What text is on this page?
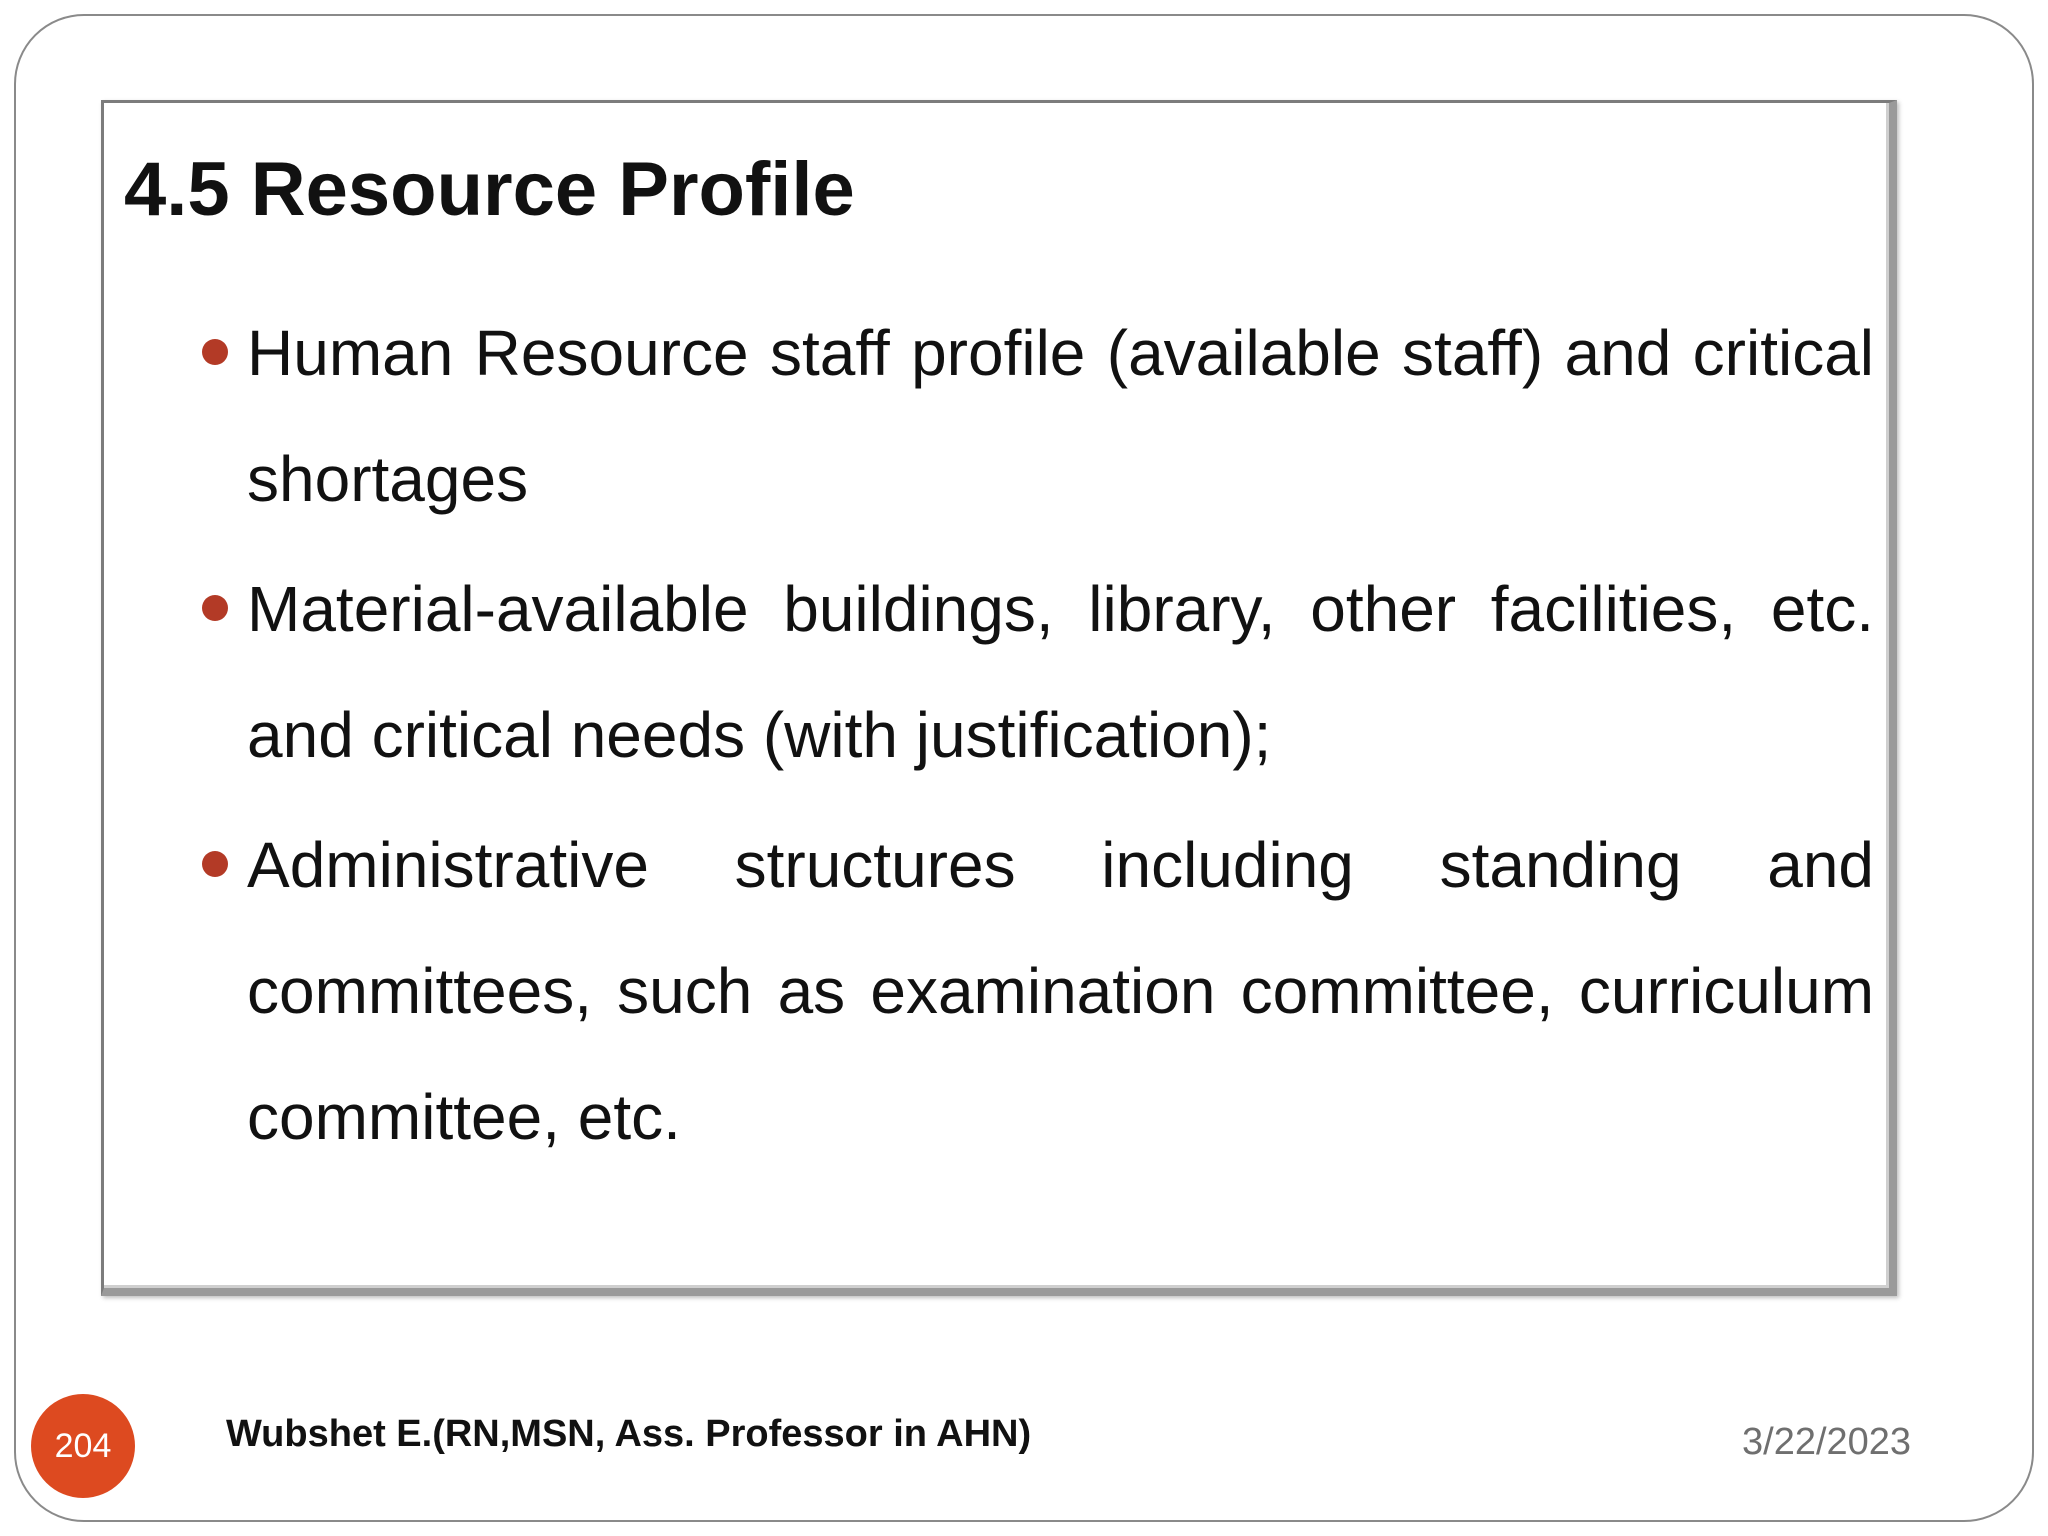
4.5 Resource Profile
Human Resource staff profile (available staff) and critical shortages
Material-available buildings, library, other facilities, etc. and critical needs (with justification);
Administrative structures including standing and committees, such as examination committee, curriculum committee, etc.
204	Wubshet E.(RN,MSN, Ass. Professor in AHN)	3/22/2023
